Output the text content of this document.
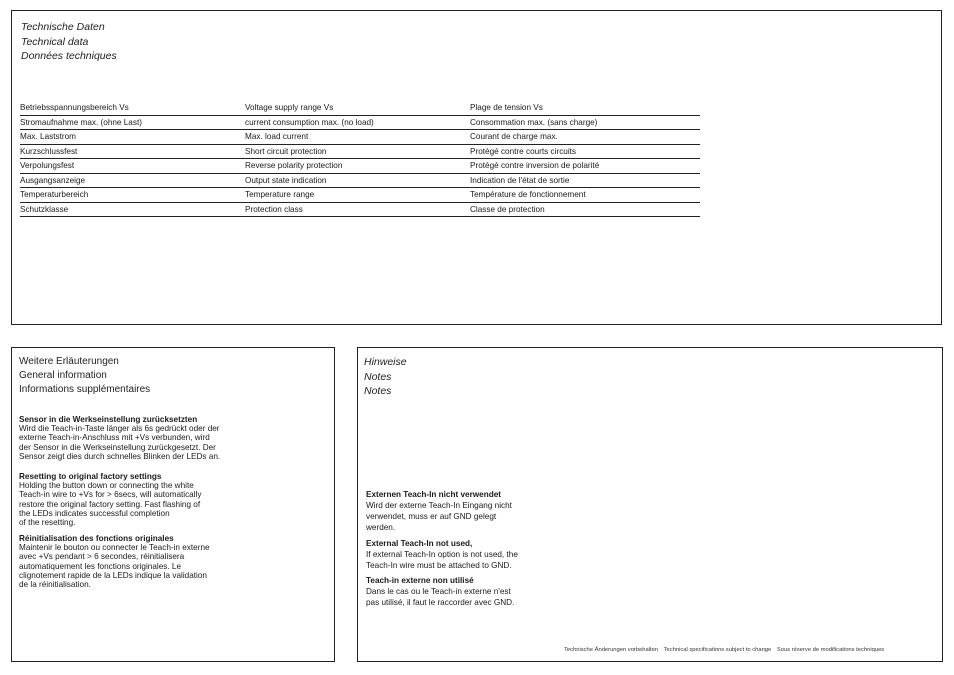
Technische Daten
Technical data
Données techniques
Betriebsspannungsbereich Vs	Voltage supply range Vs	Plage de tension Vs
Stromaufnahme max. (ohne Last)	current consumption max. (no load)	Consommation max. (sans charge)
Max. Laststrom	Max. load current	Courant de charge max.
Kurzschlussfest	Short circuit protection	Protégé contre courts circuits
Verpolungsfest	Reverse polarity protection	Protégé contre inversion de polarité
Ausgangsanzeige	Output state indication	Indication de l'état de sortie
Temperaturbereich	Temperature range	Température de fonctionnement
Schutzklasse	Protection class	Classe de protection
Weitere Erläuterungen
General information
Informations supplémentaires
Sensor in die Werkseinstellung zurücksetzten
Wird die Teach-in-Taste länger als 6s gedrückt oder der
externe Teach-in-Anschluss mit +Vs verbunden, wird
der Sensor in die Werkseinstellung zurückgesetzt. Der
Sensor zeigt dies durch schnelles Blinken der LEDs an.
Resetting to original factory settings
Holding the button down or connecting the white
Teach-in wire to +Vs for > 6secs, will automatically
restore the original factory setting. Fast flashing of
the LEDs indicates successful completion
of the resetting.
Réinitialisation des fonctions originales
Maintenir le bouton ou connecter le Teach-in externe
avec +Vs pendant > 6 secondes, réinitialisera
automatiquement les fonctions originales. Le
clignotement rapide de la LEDs indique la validation
de la réinitialisation.
Hinweise
Notes
Notes
Externen Teach-In nicht verwendet
Wird der externe Teach-In Eingang nicht
verwendet, muss er auf GND gelegt
werden.
External Teach-In not used,
If external Teach-In option is not used, the
Teach-In wire must be attached to GND.
Teach-in externe non utilisé
Dans le cas ou le Teach-in externe n'est
pas utilisé, il faut le raccorder avec GND.
Technische Änderungen vorbehalten Technical specifications subject to change Sous réserve de modifications techniques
